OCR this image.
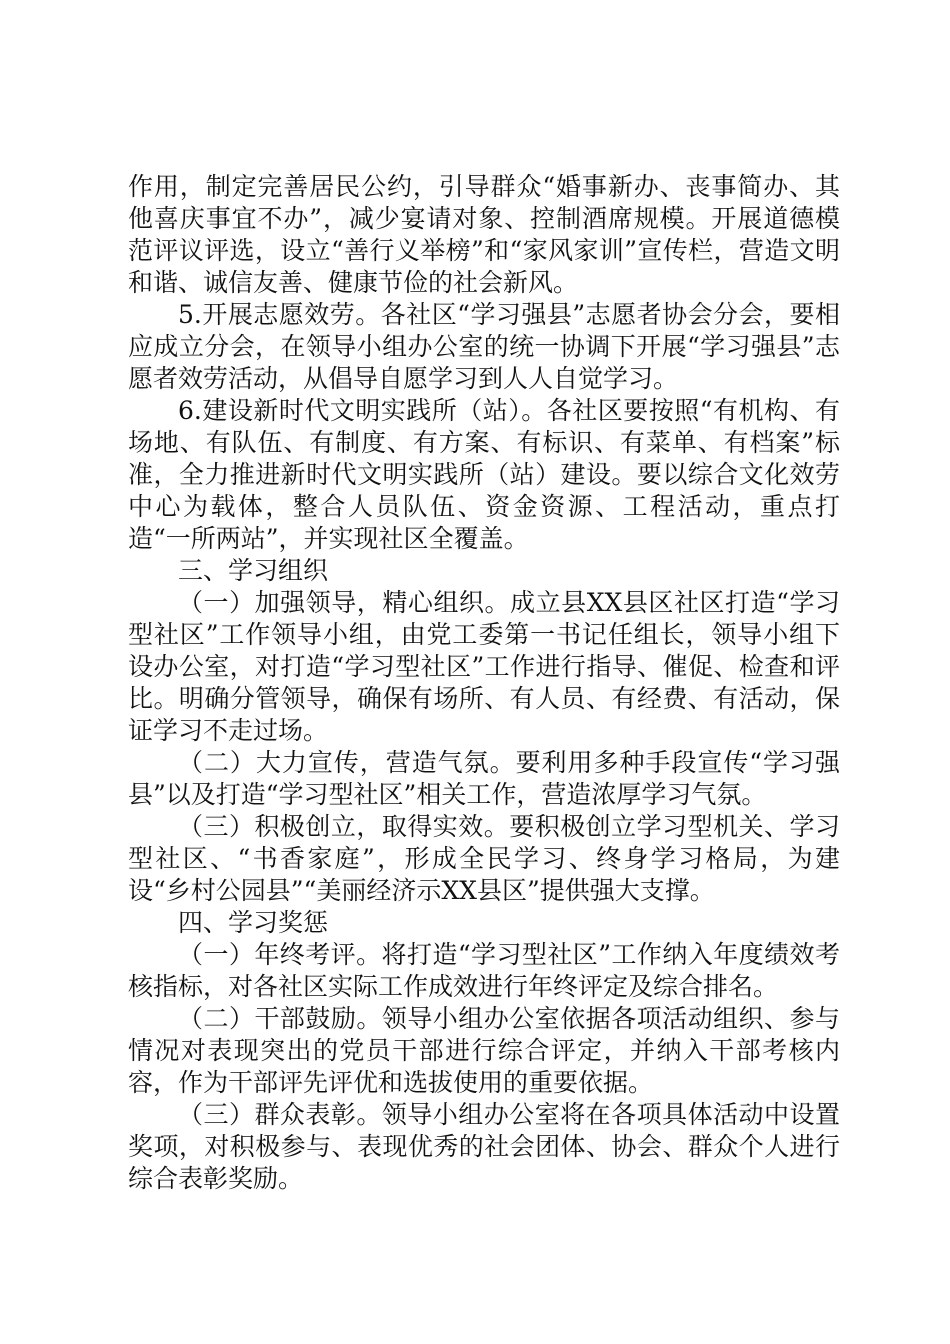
作用，制定完善居民公约，引导群众“婚事新办、丧事简办、其他喜庆事宜不办”，减少宴请对象、控制酒席规模。开展道德模范评议评选，设立“善行义举榜”和“家风家训”宣传栏，营造文明和谐、诚信友善、健康节俭的社会新风。

5.开展志愿效劳。各社区“学习强县”志愿者协会分会，要相应成立分会，在领导小组办公室的统一协调下开展“学习强县”志愿者效劳活动，从倡导自愿学习到人人自觉学习。

6.建设新时代文明实践所（站）。各社区要按照“有机构、有场地、有队伍、有制度、有方案、有标识、有菜单、有档案”标准，全力推进新时代文明实践所（站）建设。要以综合文化效劳中心为载体，整合人员队伍、资金资源、工程活动，重点打造“一所两站”，并实现社区全覆盖。

三、学习组织

（一）加强领导，精心组织。成立县XX县区社区打造“学习型社区”工作领导小组，由党工委第一书记任组长，领导小组下设办公室，对打造“学习型社区”工作进行指导、催促、检查和评比。明确分管领导，确保有场所、有人员、有经费、有活动，保证学习不走过场。

（二）大力宣传，营造气氛。要利用多种手段宣传“学习强县”以及打造“学习型社区”相关工作，营造浓厚学习气氛。

（三）积极创立，取得实效。要积极创立学习型机关、学习型社区、“书香家庭”，形成全民学习、终身学习格局，为建设“乡村公园县”“美丽经济示XX县区”提供强大支撑。

四、学习奖惩

（一）年终考评。将打造“学习型社区”工作纳入年度绩效考核指标，对各社区实际工作成效进行年终评定及综合排名。

（二）干部鼓励。领导小组办公室依据各项活动组织、参与情况对表现突出的党员干部进行综合评定，并纳入干部考核内容，作为干部评先评优和选拔使用的重要依据。

（三）群众表彰。领导小组办公室将在各项具体活动中设置奖项，对积极参与、表现优秀的社会团体、协会、群众个人进行综合表彰奖励。
